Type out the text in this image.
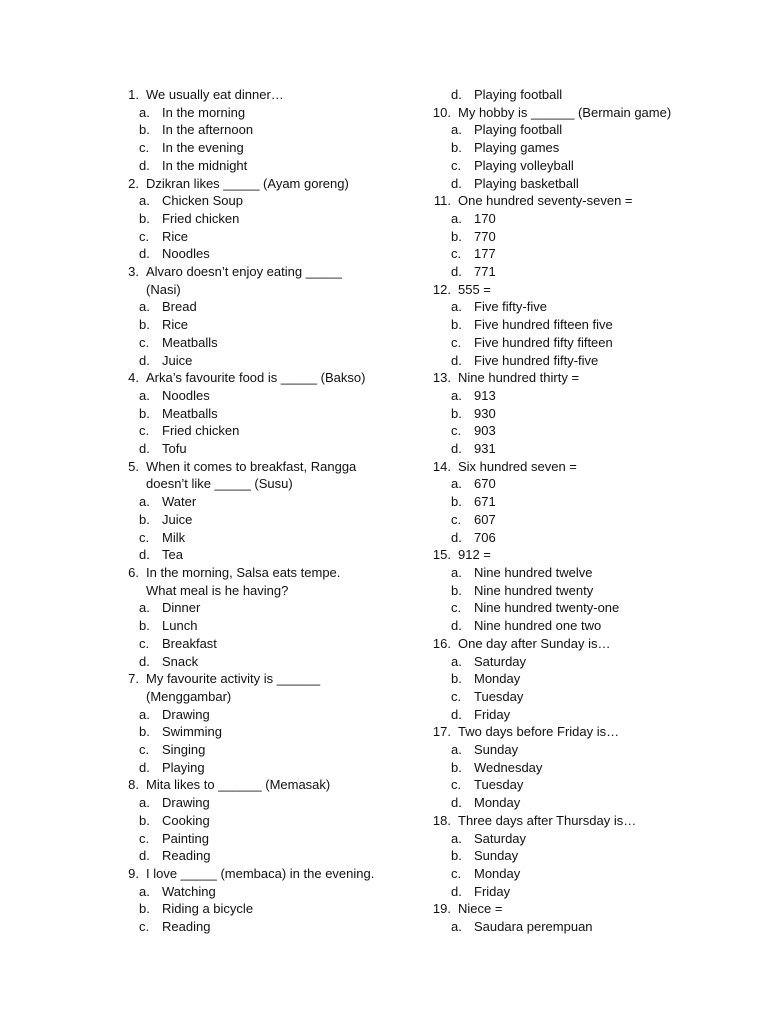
1. We usually eat dinner…
a. In the morning
b. In the afternoon
c. In the evening
d. In the midnight
2. Dzikran likes _____ (Ayam goreng)
a. Chicken Soup
b. Fried chicken
c. Rice
d. Noodles
3. Alvaro doesn’t enjoy eating _____
(Nasi)
a. Bread
b. Rice
c. Meatballs
d. Juice
4. Arka’s favourite food is _____ (Bakso)
a. Noodles
b. Meatballs
c. Fried chicken
d. Tofu
5. When it comes to breakfast, Rangga
doesn’t like _____ (Susu)
a. Water
b. Juice
c. Milk
d. Tea
6. In the morning, Salsa eats tempe.
What meal is he having?
a. Dinner
b. Lunch
c. Breakfast
d. Snack
7. My favourite activity is ______
(Menggambar)
a. Drawing
b. Swimming
c. Singing
d. Playing
8. Mita likes to ______ (Memasak)
a. Drawing
b. Cooking
c. Painting
d. Reading
9. I love _____ (membaca) in the evening.
a. Watching
b. Riding a bicycle
c. Reading
d. Playing football
10. My hobby is ______ (Bermain game)
a. Playing football
b. Playing games
c. Playing volleyball
d. Playing basketball
11. One hundred seventy-seven =
a. 170
b. 770
c. 177
d. 771
12. 555 =
a. Five fifty-five
b. Five hundred fifteen five
c. Five hundred fifty fifteen
d. Five hundred fifty-five
13. Nine hundred thirty =
a. 913
b. 930
c. 903
d. 931
14. Six hundred seven =
a. 670
b. 671
c. 607
d. 706
15. 912 =
a. Nine hundred twelve
b. Nine hundred twenty
c. Nine hundred twenty-one
d. Nine hundred one two
16. One day after Sunday is…
a. Saturday
b. Monday
c. Tuesday
d. Friday
17. Two days before Friday is…
a. Sunday
b. Wednesday
c. Tuesday
d. Monday
18. Three days after Thursday is…
a. Saturday
b. Sunday
c. Monday
d. Friday
19. Niece =
a. Saudara perempuan
